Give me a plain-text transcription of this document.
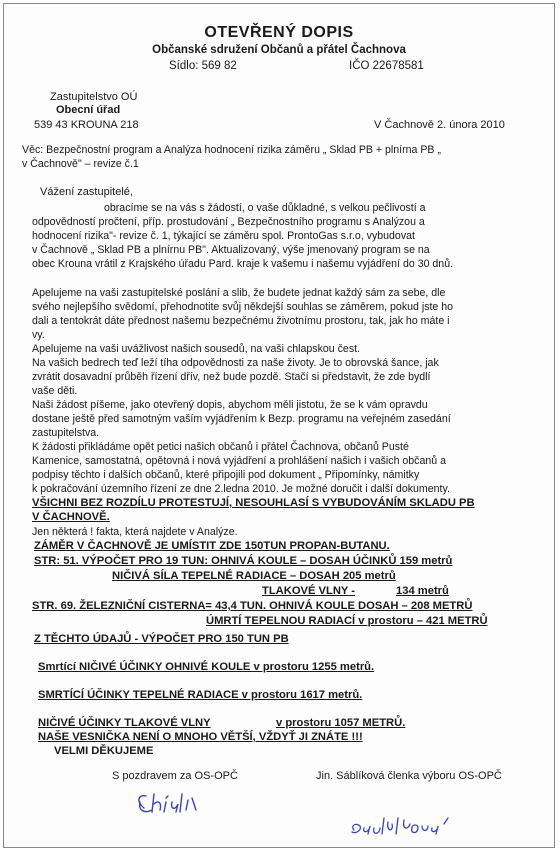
OTEVŘENÝ DOPIS
Občanské sdružení Občanů a přátel Čachnova
Sídlo: 569 82	IČO 22678581
Zastupitelstvo OÚ
Obecní úřad
539 43 KROUNA 218	V Čachnově 2. února 2010
Věc: Bezpečnostní program a Analýza hodnocení rizika záměru „ Sklad PB + plnírna PB „
v Čachnově" – revize č.1
Vážení zastupitelé,
obracíme se na vás s žádostí, o vaše důkladné, s velkou pečlivostí a
odpovědností pročtení, příp. prostudování „ Bezpečnostního programu s Analýzou a
hodnocení rizika"- revize č. 1, týkající se záměru spol. ProntoGas s.r.o, vybudovat
v Čachnově „ Sklad PB a plnírnu PB". Aktualizovaný, výše jmenovaný program se na
obec Krouna vrátil z Krajského úřadu Pard. kraje k vašemu i našemu vyjádření do 30 dnů.
Apelujeme na vaši zastupitelské poslání a slib, že budete jednat každý sám za sebe, dle
svého nejlepšího svědomí, přehodnotite svůj někdejší souhlas se záměrem, pokud jste ho
dali a tentokrát dáte přednost našemu bezpečnému životnímu prostoru, tak, jak ho máte i
vy.
Apelujeme na vaši uvážlivost našich sousedů, na vaši chlapskou čest.
Na vašich bedrech teď leží tíha odpovědnosti za naše životy. Je to obrovská šance, jak
zvrátit dosavadní průběh řízení dřív, než bude pozdě. Stačí si představit, že zde bydlí
vaše děti.
Naši žádost píšeme, jako otevřený dopis, abychom měli jistotu, že se k vám opravdu
dostane ještě před samotným vaším vyjádřením k Bezp. programu na veřejném zasedání
zastupitelstva.
K žádosti přikládáme opět petici našich občanů i přátel Čachnova, občanů Pusté
Kamenice, samostatná, opětovná i nová vyjádření a prohlášení našich i vašich občanů a
podpisy těchto i dalších občanů, které připojili pod dokument „ Připomínky, námitky
k pokračování územního řízení ze dne 2.ledna 2010. Je možné doručit i další dokumenty.
VŠICHNI BEZ ROZDÍLU PROTESTUJÍ, NESOUHLASÍ S VYBUDOVÁNÍM SKLADU PB
V ČACHNOVĚ.
Jen některá ! fakta, která najdete v Analýze.
ZÁMĚR V ČACHNOVĚ JE UMÍSTIT ZDE 150TUN PROPAN-BUTANU.
STR: 51. VÝPOČET PRO 19 TUN: OHNIVÁ KOULE – DOSAH ÚČINKŮ 159 metrů
NIČIVÁ SÍLA TEPELNÉ RADIACE – DOSAH 205 metrů
TLAKOVÉ VLNY -	134 metrů
STR. 69. ŽELEZNIČNÍ CISTERNA= 43,4 TUN. OHNIVÁ KOULE DOSAH – 208 METRŮ
ÚMRTÍ TEPELNOU RADIACÍ v prostoru – 421 METRŮ
Z TĚCHTO ÚDAJŮ - VÝPOČET PRO 150 TUN PB
Smrtící NIČIVÉ ÚČINKY OHNIVÉ KOULE v prostoru 1255 metrů.
SMRTÍCÍ ÚČINKY TEPELNÉ RADIACE v prostoru 1617 metrů.
NIČIVÉ ÚČINKY TLAKOVÉ VLNY	v prostoru 1057 METRŮ.
NAŠE VESNIČKA NENÍ O MNOHO VĚTŠÍ, VŽDYŤ JI ZNÁTE !!!
VELMI DĚKUJEME
S pozdravem za OS-OPČ	Jin. Sáblíková členka výboru OS-OPČ
